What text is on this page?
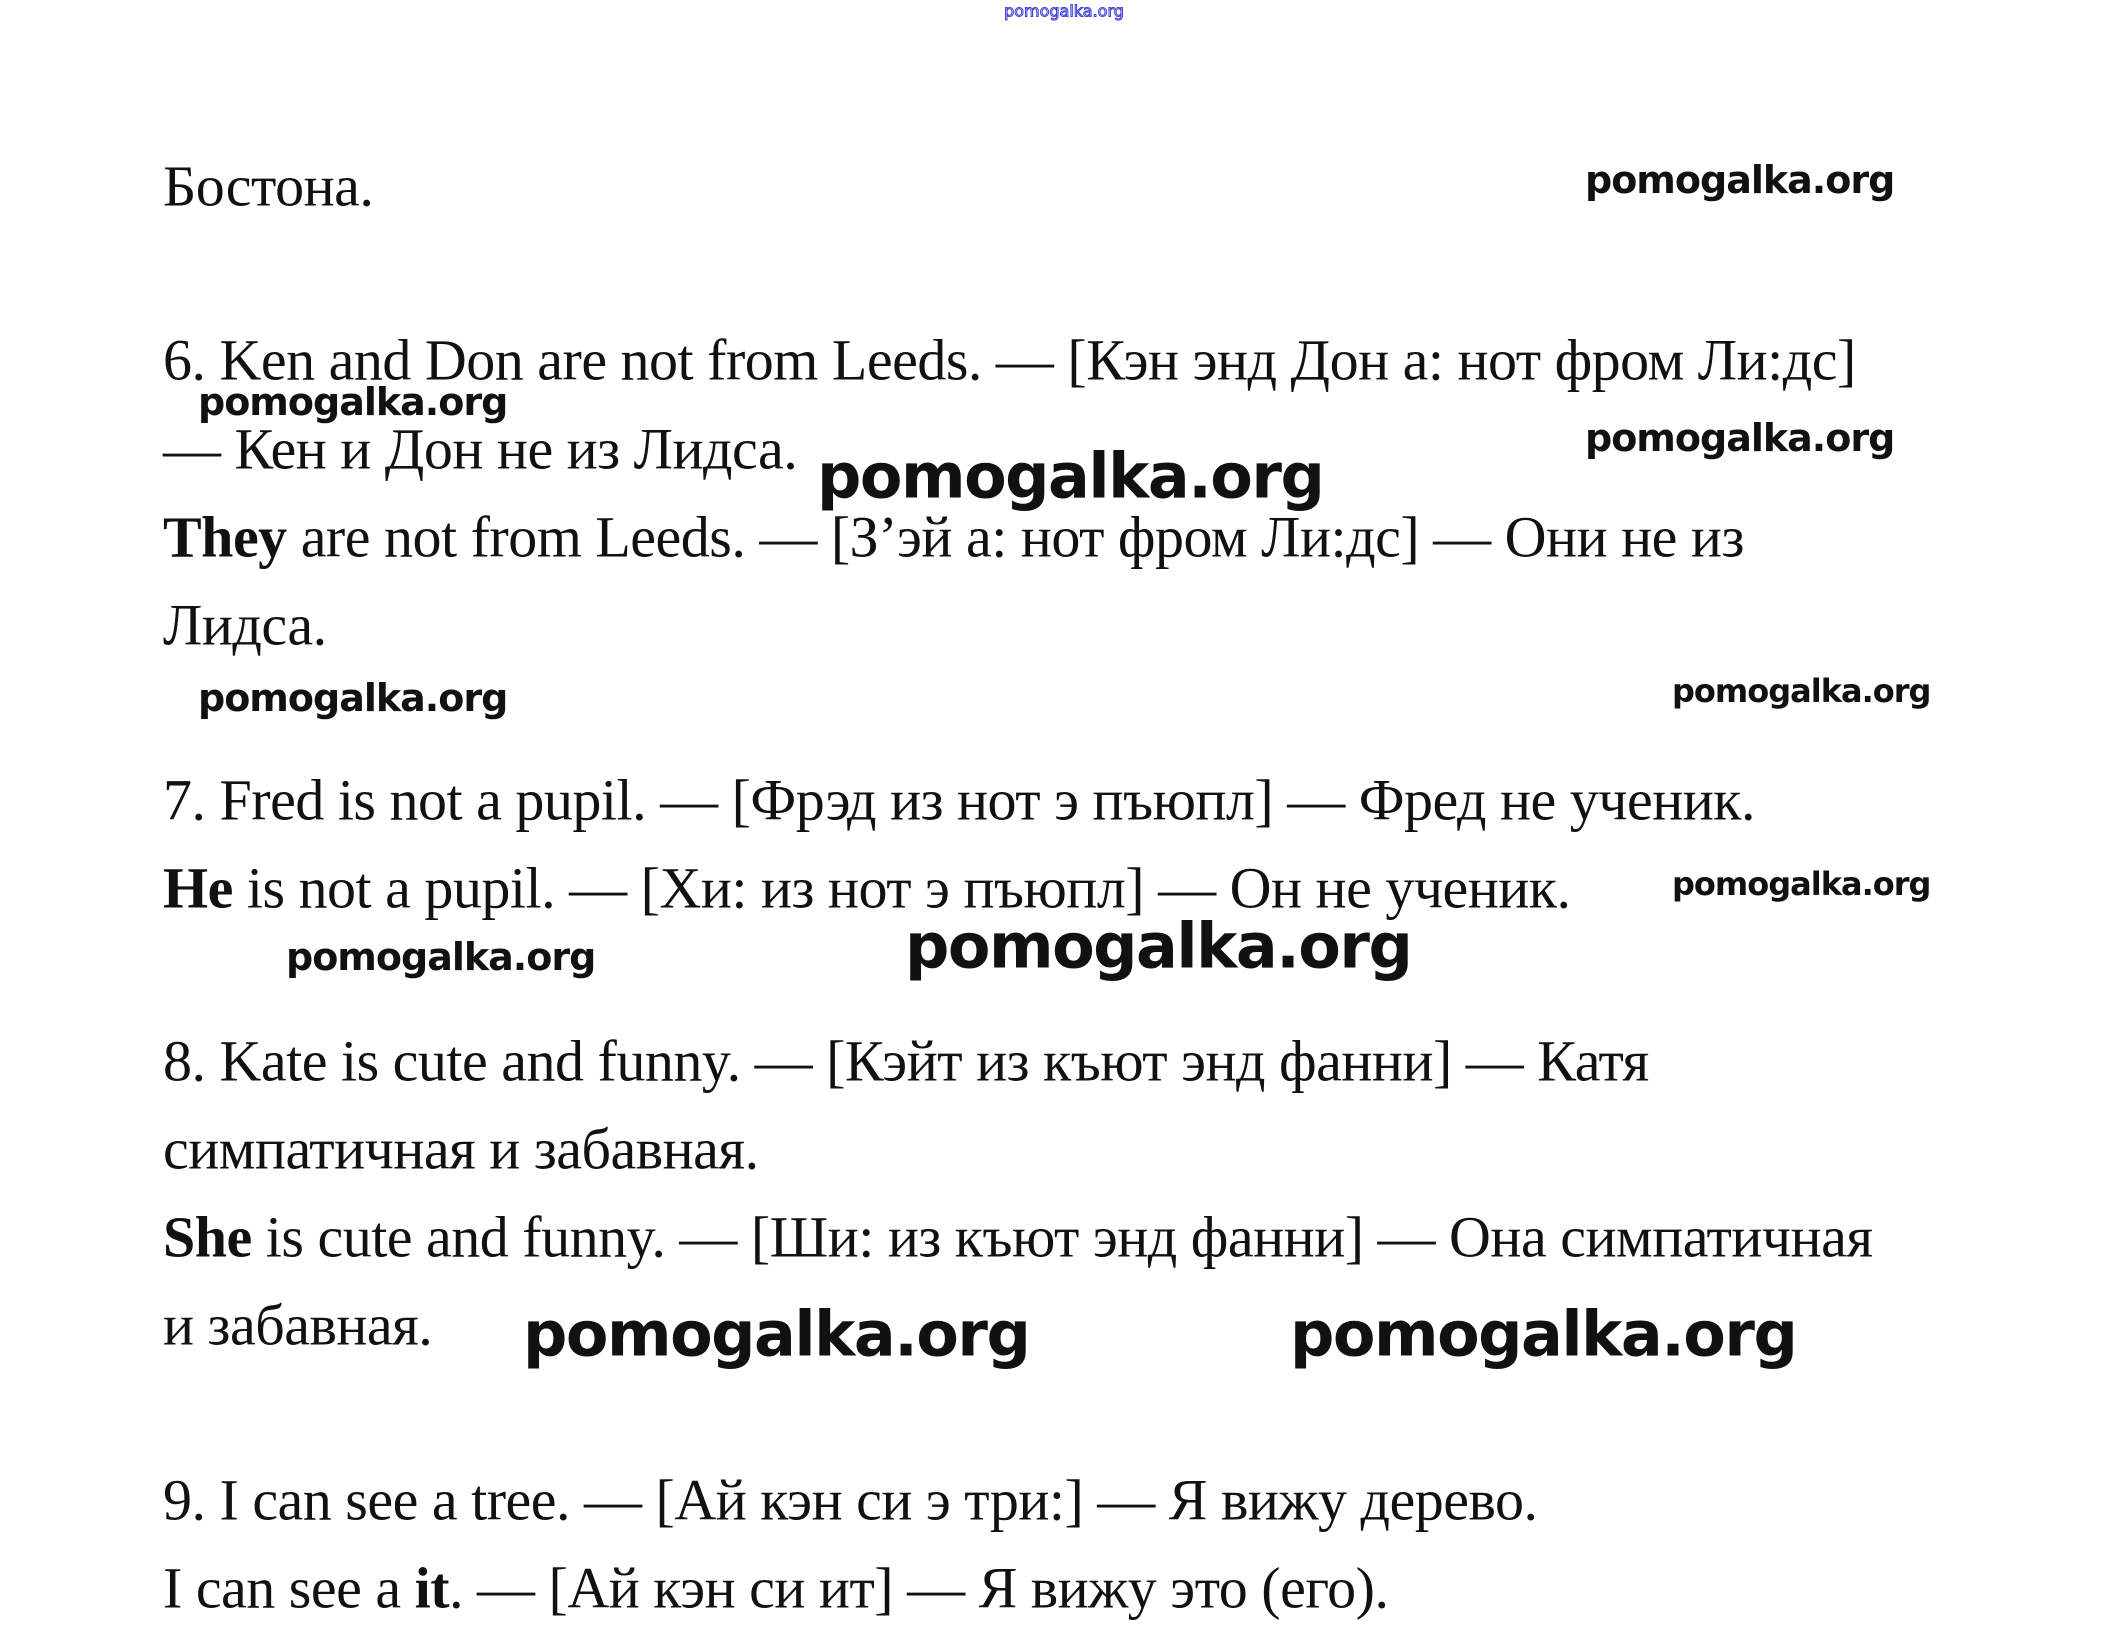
pomogalka.org
Бостона.
6. Ken and Don are not from Leeds. — [Кэн энд Дон а: нот фром Ли:дс]
— Кен и Дон не из Лидса.
They are not from Leeds. — [З’эй а: нот фром Ли:дс] — Они не из
Лидса.
7. Fred is not a pupil. — [Фрэд из нот э пъюпл] — Фред не ученик.
He is not a pupil. — [Хи: из нот э пъюпл] — Он не ученик.
8. Kate is cute and funny. — [Кэйт из къют энд фанни] — Катя
симпатичная и забавная.
She is cute and funny. — [Ши: из къют энд фанни] — Она симпатичная
и забавная.
9. I can see a tree. — [Ай кэн си э три:] — Я вижу дерево.
I can see a it. — [Ай кэн си ит] — Я вижу это (его).
pomogalka.org
pomogalka.org
pomogalka.org
pomogalka.org
pomogalka.org	pomogalka.org
pomogalka.org
pomogalka.org
pomogalka.org
pomogalka.org	pomogalka.org
